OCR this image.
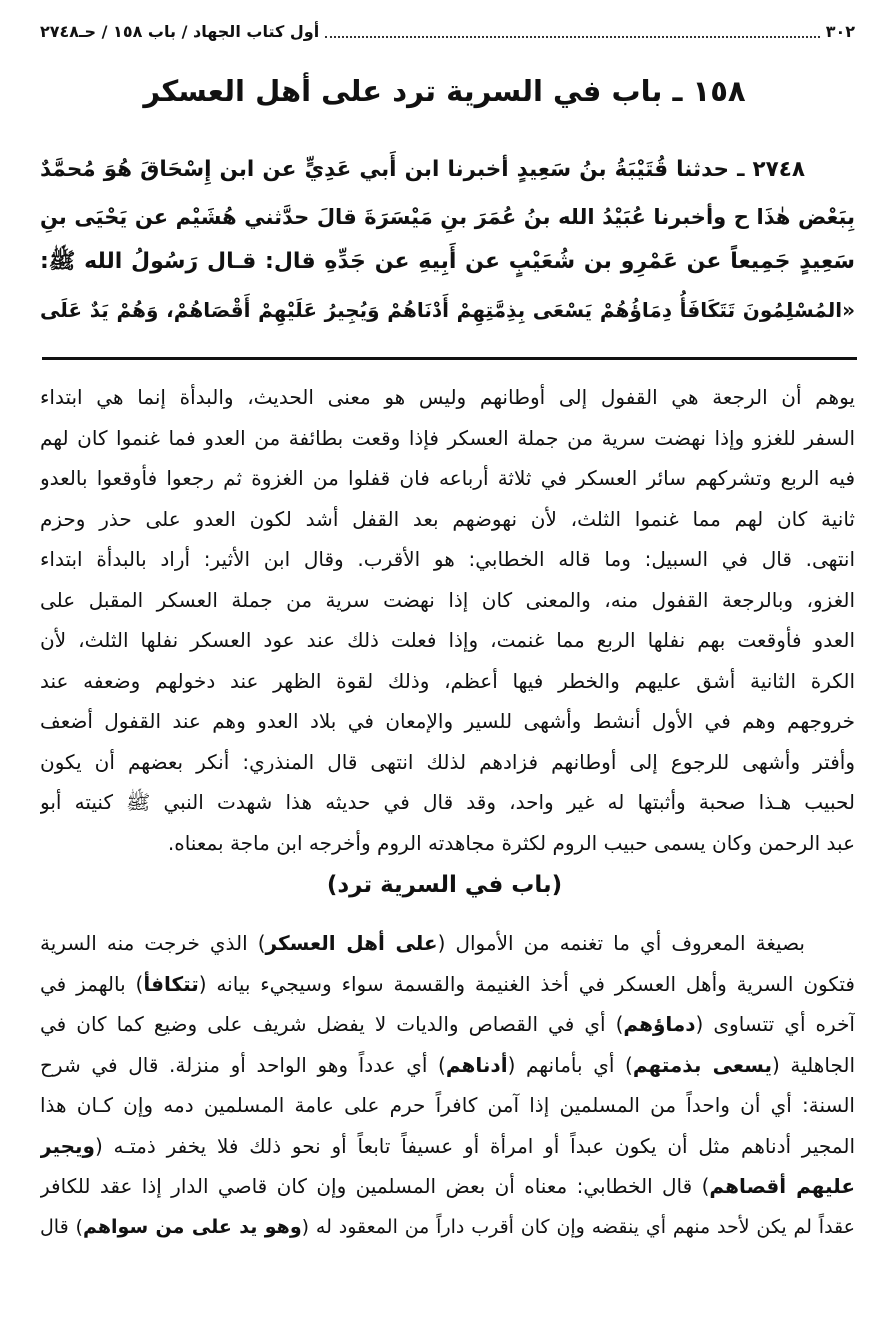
٣٠٢
أول كتاب الجهاد / باب ١٥٨ / حـ٢٧٤٨
١٥٨ ـ باب في السرية ترد على أهل العسكر
٢٧٤٨ ـ حدثنا قُتَيْبَةُ بنُ سَعِيدٍ أخبرنا ابن أَبي عَدِيٍّ عن ابن إِسْحَاقَ هُوَ مُحمَّدٌ
بِبَعْض هٰذَا ح وأخبرنا عُبَيْدُ الله بنُ عُمَرَ بنِ مَيْسَرَةَ قالَ حدَّثني هُشَيْم عن يَحْيَى بنِ
سَعِيدٍ جَمِيعاً عن عَمْرِو بن شُعَيْبٍ عن أَبِيهِ عن جَدِّهِ قال: قـال رَسُولُ الله ﷺ:
«المُسْلِمُونَ تَتَكَافَأُ دِمَاؤُهُمْ يَسْعَى بِذِمَّتِهِمْ أَدْنَاهُمْ وَيُجِيرُ عَلَيْهِمْ أَقْصَاهُمْ، وَهُمْ يَدٌ عَلَى
يوهم أن الرجعة هي القفول إلى أوطانهم وليس هو معنى الحديث، والبدأة إنما هي ابتداء
السفر للغزو وإذا نهضت سرية من جملة العسكر فإذا وقعت بطائفة من العدو فما غنموا كان لهم
فيه الربع وتشركهم سائر العسكر في ثلاثة أرباعه فان قفلوا من الغزوة ثم رجعوا فأوقعوا بالعدو
ثانية كان لهم مما غنموا الثلث، لأن نهوضهم بعد القفل أشد لكون العدو على حذر وحزم
انتهى. قال في السبيل: وما قاله الخطابي: هو الأقرب. وقال ابن الأثير: أراد بالبدأة ابتداء
الغزو، وبالرجعة القفول منه، والمعنى كان إذا نهضت سرية من جملة العسكر المقبل على
العدو فأوقعت بهم نفلها الربع مما غنمت، وإذا فعلت ذلك عند عود العسكر نفلها الثلث، لأن
الكرة الثانية أشق عليهم والخطر فيها أعظم، وذلك لقوة الظهر عند دخولهم وضعفه عند
خروجهم وهم في الأول أنشط وأشهى للسير والإمعان في بلاد العدو وهم عند القفول أضعف
وأفتر وأشهى للرجوع إلى أوطانهم فزادهم لذلك انتهى قال المنذري: أنكر بعضهم أن يكون
لحبيب هـذا صحبة وأثبتها له غير واحد، وقد قال في حديثه هذا شهدت النبي ﷺ كنيته أبو
عبد الرحمن وكان يسمى حبيب الروم لكثرة مجاهدته الروم وأخرجه ابن ماجة بمعناه.
(باب في السرية ترد)
بصيغة المعروف أي ما تغنمه من الأموال (على أهل العسكر) الذي خرجت منه السرية
فتكون السرية وأهل العسكر في أخذ الغنيمة والقسمة سواء وسيجيء بيانه (تتكافأ) بالهمز في
آخره أي تتساوى (دماؤهم) أي في القصاص والديات لا يفضل شريف على وضيع كما كان في
الجاهلية (يسعى بذمتهم) أي بأمانهم (أدناهم) أي عدداً وهو الواحد أو منزلة. قال في شرح
السنة: أي أن واحداً من المسلمين إذا آمن كافراً حرم على عامة المسلمين دمه وإن كـان هذا
المجير أدناهم مثل أن يكون عبداً أو امرأة أو عسيفاً تابعاً أو نحو ذلك فلا يخفر ذمتـه (ويجير
عليهم أقصاهم) قال الخطابي: معناه أن بعض المسلمين وإن كان قاصي الدار إذا عقد للكافر
عقداً لم يكن لأحد منهم أي ينقضه وإن كان أقرب داراً من المعقود له (وهو يد على من سواهم) قال
